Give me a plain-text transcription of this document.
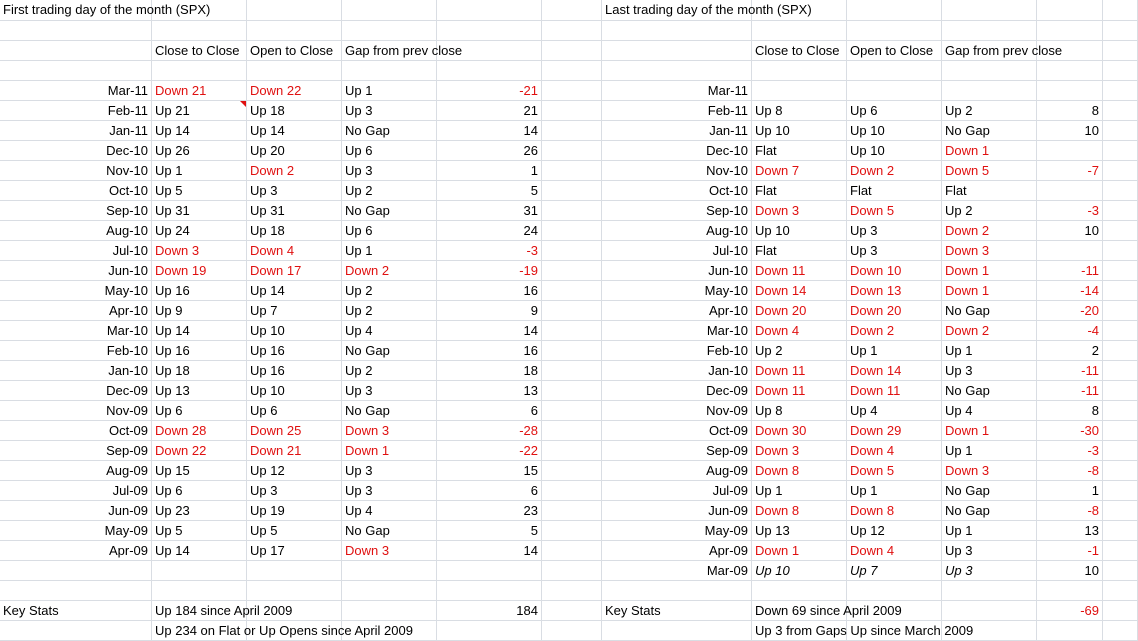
First trading day of the month (SPX)
Close to Close Open to Close Gap from prev close
Mar-11 Down 21	Down 22	Up 1	-21
Feb-11 Up 21	Up 18	Up 3	21
Jan-11 Up 14	Up 14	No Gap	14
Dec-10 Up 26	Up 20	Up 6	26
Nov-10 Up 1	Down 2	Up 3	1
Oct-10 Up 5	Up 3	Up 2	5
Sep-10 Up 31	Up 31	No Gap	31
Aug-10 Up 24	Up 18	Up 6	24
Jul-10 Down 3	Down 4	Up 1	-3
Jun-10 Down 19	Down 17	Down 2	-19
May-10 Up 16	Up 14	Up 2	16
Apr-10 Up 9	Up 7	Up 2	9
Mar-10 Up 14	Up 10	Up 4	14
Feb-10 Up 16	Up 16	No Gap	16
Jan-10 Up 18	Up 16	Up 2	18
Dec-09 Up 13	Up 10	Up 3	13
Nov-09 Up 6	Up 6	No Gap	6
Oct-09 Down 28	Down 25	Down 3	-28
Sep-09 Down 22	Down 21	Down 1	-22
Aug-09 Up 15	Up 12	Up 3	15
Jul-09 Up 6	Up 3	Up 3	6
Jun-09 Up 23	Up 19	Up 4	23
May-09 Up 5	Up 5	No Gap	5
Apr-09 Up 14	Up 17	Down 3	14
Key Stats	Up 184 since April 2009	184
Up 234 on Flat or Up Opens since April 2009
Last trading day of the month (SPX)
Close to Close Open to Close Gap from prev close
Mar-11
Feb-11 Up 8	Up 6	Up 2	8
Jan-11 Up 10	Up 10	No Gap	10
Dec-10 Flat	Up 10	Down 1
Nov-10 Down 7	Down 2	Down 5	-7
Oct-10 Flat	Flat	Flat
Sep-10 Down 3	Down 5	Up 2	-3
Aug-10 Up 10	Up 3	Down 2	10
Jul-10 Flat	Up 3	Down 3
Jun-10 Down 11	Down 10	Down 1	-11
May-10 Down 14	Down 13	Down 1	-14
Apr-10 Down 20	Down 20	No Gap	-20
Mar-10 Down 4	Down 2	Down 2	-4
Feb-10 Up 2	Up 1	Up 1	2
Jan-10 Down 11	Down 14	Up 3	-11
Dec-09 Down 11	Down 11	No Gap	-11
Nov-09 Up 8	Up 4	Up 4	8
Oct-09 Down 30	Down 29	Down 1	-30
Sep-09 Down 3	Down 4	Up 1	-3
Aug-09 Down 8	Down 5	Down 3	-8
Jul-09 Up 1	Up 1	No Gap	1
Jun-09 Down 8	Down 8	No Gap	-8
May-09 Up 13	Up 12	Up 1	13
Apr-09 Down 1	Down 4	Up 3	-1
Mar-09 Up 10	Up 7	Up 3	10
Key Stats	Down 69 since April 2009	-69
Up 3 from Gaps Up since March 2009
